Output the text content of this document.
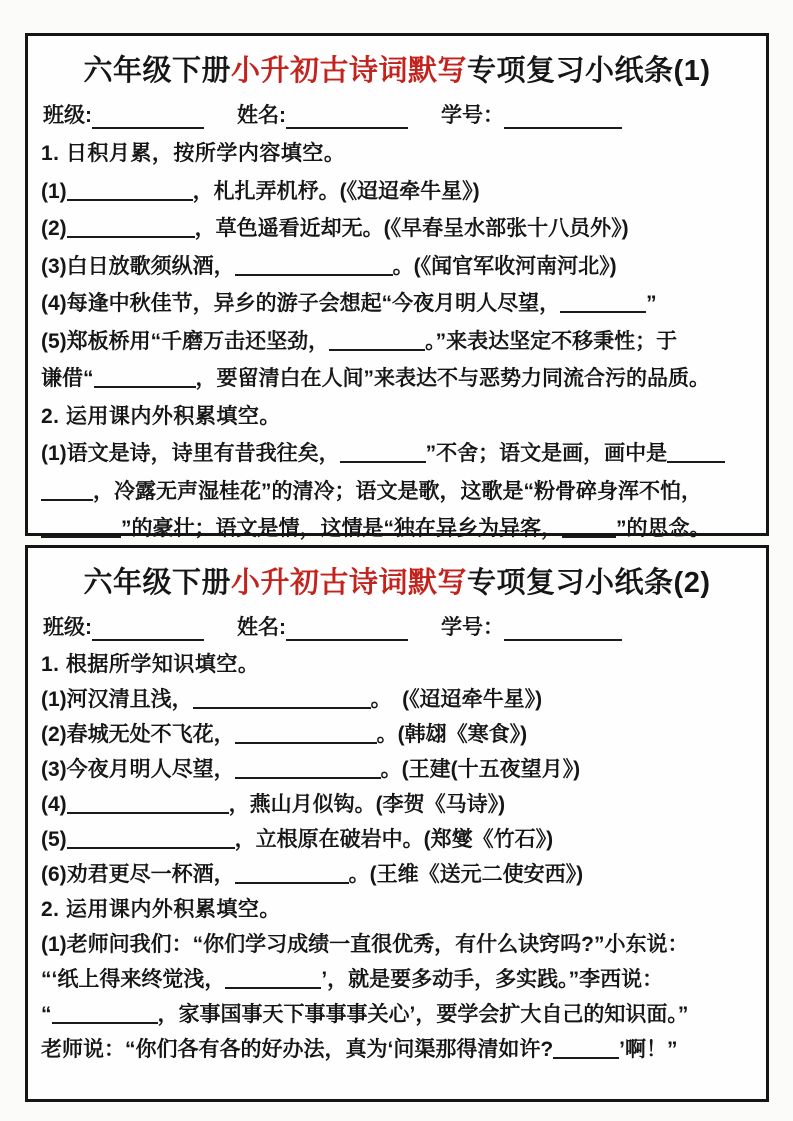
六年级下册小升初古诗词默写专项复习小纸条(1)
班级:	姓名:	学号：
1. 日积月累，按所学内容填空。
(1)	，札扎弄机杼。(《迢迢牵牛星》)
(2)	，草色遥看近却无。(《早春呈水部张十八员外》)
(3)白日放歌须纵酒，	。(《闻官军收河南河北》)
(4)每逢中秋佳节，异乡的游子会想起“今夜月明人尽望，	”
(5)郑板桥用“千磨万击还坚劲，	。”来表达坚定不移秉性；于
谦借“	，要留清白在人间”来表达不与恶势力同流合污的品质。
2. 运用课内外积累填空。
(1)语文是诗，诗里有昔我往矣，	”不舍；语文是画，画中是
，冷露无声湿桂花”的清冷；语文是歌，这歌是“粉骨碎身浑不怕，
”的豪壮；语文是情，这情是“独在异乡为异客，	”的思念。
六年级下册小升初古诗词默写专项复习小纸条(2)
班级:	姓名:	学号：
1. 根据所学知识填空。
(1)河汉清且浅，	。　(《迢迢牵牛星》)
(2)春城无处不飞花，	。(韩翃《寒食》)
(3)今夜月明人尽望，	。(王建(十五夜望月》)
(4)	，燕山月似钩。(李贺《马诗》)
(5)	，立根原在破岩中。(郑燮《竹石》)
(6)劝君更尽一杯酒，	。(王维《送元二使安西》)
2. 运用课内外积累填空。
(1)老师问我们：“你们学习成绩一直很优秀，有什么诀窍吗?”小东说：
“‘纸上得来终觉浅，	’，就是要多动手，多实践。”李西说：
“	，家事国事天下事事事关心’，要学会扩大自己的知识面。”
老师说：“你们各有各的好办法，真为‘问渠那得清如许?	’啊！”
